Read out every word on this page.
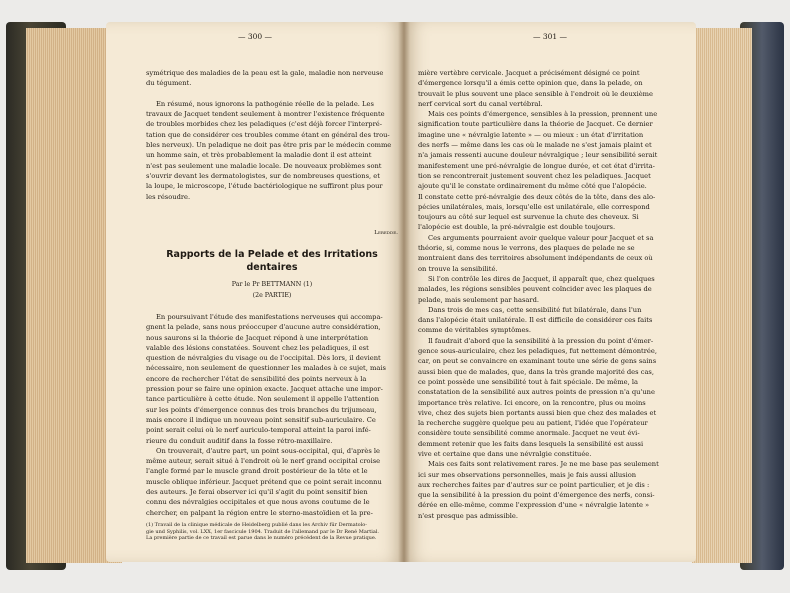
— 300 —

symétrique des maladies de la peau est la gale, maladie non nerveuse

du tégument.

En résumé, nous ignorons la pathogénie réelle de la pelade. Les

travaux de Jacquet tendent seulement à montrer l'existence fréquente

de troubles morbides chez les peladiques (c'est déjà forcer l'interpré-

tation que de considérer ces troubles comme étant en général des trou-

bles nerveux). Un peladique ne doit pas être pris par le médecin comme

un homme sain, et très probablement la maladie dont il est atteint

n'est pas seulement une maladie locale. De nouveaux problèmes sont

s'ouvrir devant les dermatologistes, sur de nombreuses questions, et

la loupe, le microscope, l'étude bactériologique ne suffiront plus pour

les résoudre.

Leredde.
Rapports de la Pelade et des Irritations dentaires
Par le Pr BETTMANN (1)
(2e PARTIE)

En poursuivant l'étude des manifestations nerveuses qui accompa-

gnent la pelade, sans nous préoccuper d'aucune autre considération,

nous saurons si la théorie de Jacquet répond à une interprétation

valable des lésions constatées. Souvent chez les peladiques, il est

question de névralgies du visage ou de l'occipital. Dès lors, il devient

nécessaire, non seulement de questionner les malades à ce sujet, mais

encore de rechercher l'état de sensibilité des points nerveux à la

pression pour se faire une opinion exacte. Jacquet attache une impor-

tance particulière à cette étude. Non seulement il appelle l'attention

sur les points d'émergence connus des trois branches du trijumeau,

mais encore il indique un nouveau point sensitif sub-auriculaire. Ce

point serait celui où le nerf auriculo-temporal atteint la paroi infé-

rieure du conduit auditif dans la fosse rétro-maxillaire.

On trouverait, d'autre part, un point sous-occipital, qui, d'après le

même auteur, serait situé à l'endroit où le nerf grand occipital croise

l'angle formé par le muscle grand droit postérieur de la tête et le

muscle oblique inférieur. Jacquet prétend que ce point serait inconnu

des auteurs. Je ferai observer ici qu'il s'agit du point sensitif bien

connu des névralgies occipitales et que nous avons coutume de le

chercher, en palpant la région entre le sterno-mastoïdien et la pre-

(1) Travail de la clinique médicale de Heidelberg publié dans les Archiv für Dermatolo-

gie und Syphilis, vol. LXX, 1er fascicule 1904. Traduit de l'allemand par le Dr René Martial.

La première partie de ce travail est parue dans le numéro précédent de la Revue pratique.

— 301 —

mière vertèbre cervicale. Jacquet a précisément désigné ce point

d'émergence lorsqu'il a émis cette opinion que, dans la pelade, on

trouvait le plus souvent une place sensible à l'endroit où le deuxième

nerf cervical sort du canal vertébral.

Mais ces points d'émergence, sensibles à la pression, prennent une

signification toute particulière dans la théorie de Jacquet. Ce dernier

imagine une « névralgie latente » — ou mieux : un état d'irritation

des nerfs — même dans les cas où le malade ne s'est jamais plaint et

n'a jamais ressenti aucune douleur névralgique ; leur sensibilité serait

manifestement une pré-névralgie de longue durée, et cet état d'irrita-

tion se rencontrerait justement souvent chez les peladiques. Jacquet

ajoute qu'il le constate ordinairement du même côté que l'alopécie.

Il constate cette pré-névralgie des deux côtés de la tête, dans des alo-

pécies unilatérales, mais, lorsqu'elle est unilatérale, elle correspond

toujours au côté sur lequel est survenue la chute des cheveux. Si

l'alopécie est double, la pré-névralgie est double toujours.

Ces arguments pourraient avoir quelque valeur pour Jacquet et sa

théorie, si, comme nous le verrons, des plaques de pelade ne se

montraient dans des territoires absolument indépendants de ceux où

on trouve la sensibilité.

Si l'on contrôle les dires de Jacquet, il apparaît que, chez quelques

malades, les régions sensibles peuvent coïncider avec les plaques de

pelade, mais seulement par hasard.

Dans trois de mes cas, cette sensibilité fut bilatérale, dans l'un

dans l'alopécie était unilatérale. Il est difficile de considérer ces faits

comme de véritables symptômes.

Il faudrait d'abord que la sensibilité à la pression du point d'émer-

gence sous-auriculaire, chez les peladiques, fut nettement démontrée,

car, on peut se convaincre en examinant toute une série de gens sains

aussi bien que de malades, que, dans la très grande majorité des cas,

ce point possède une sensibilité tout à fait spéciale. De même, la

constatation de la sensibilité aux autres points de pression n'a qu'une

importance très relative. Ici encore, on la rencontre, plus ou moins

vive, chez des sujets bien portants aussi bien que chez des malades et

la recherche suggère quelque peu au patient, l'idée que l'opérateur

considère toute sensibilité comme anormale. Jacquet ne veut évi-

demment retenir que les faits dans lesquels la sensibilité est aussi

vive et certaine que dans une névralgie constituée.

Mais ces faits sont relativement rares. Je ne me base pas seulement

ici sur mes observations personnelles, mais je fais aussi allusion

aux recherches faites par d'autres sur ce point particulier, et je dis :

que la sensibilité à la pression du point d'émergence des nerfs, consi-

dérée en elle-même, comme l'expression d'une « névralgie latente »

n'est presque pas admissible.
